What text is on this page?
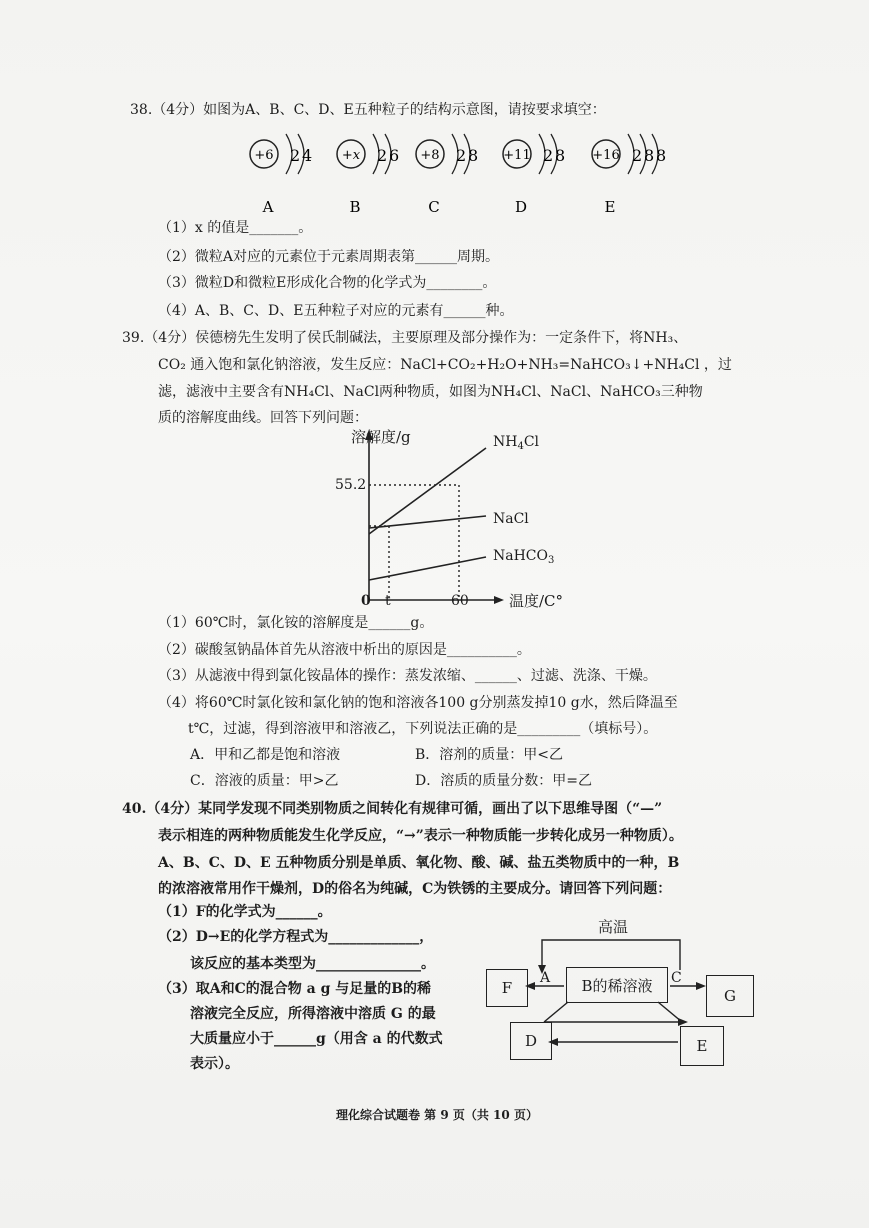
38.（4分）如图为A、B、C、D、E五种粒子的结构示意图，请按要求填空：
+6 2 4
A
+x 2 6
B
+8 2 8
C
+11 2 8
D
+16 2 8 8
E
（1）x 的值是_______。
（2）微粒A对应的元素位于元素周期表第______周期。
（3）微粒D和微粒E形成化合物的化学式为________。
（4）A、B、C、D、E五种粒子对应的元素有______种。
39.（4分）侯德榜先生发明了侯氏制碱法，主要原理及部分操作为：一定条件下，将NH₃、
CO₂ 通入饱和氯化钠溶液，发生反应：NaCl+CO₂+H₂O+NH₃=NaHCO₃↓+NH₄Cl ，过
滤，滤液中主要含有NH₄Cl、NaCl两种物质，如图为NH₄Cl、NaCl、NaHCO₃三种物
质的溶解度曲线。回答下列问题：
溶解度/g
55.2
$NH_4Cl$
NaCl
NaHCO$_3$
0 t	60	温度/C°
（1）60℃时，氯化铵的溶解度是______g。
（2）碳酸氢钠晶体首先从溶液中析出的原因是__________。
（3）从滤液中得到氯化铵晶体的操作：蒸发浓缩、______、过滤、洗涤、干燥。
（4）将60℃时氯化铵和氯化钠的饱和溶液各100 g分别蒸发掉10 g水，然后降温至
t℃，过滤，得到溶液甲和溶液乙，下列说法正确的是_________（填标号）。
A．甲和乙都是饱和溶液	B．溶剂的质量：甲<乙
C．溶液的质量：甲>乙	D．溶质的质量分数：甲=乙
40.（4分）某同学发现不同类别物质之间转化有规律可循，画出了以下思维导图（“—”
表示相连的两种物质能发生化学反应，“→”表示一种物质能一步转化成另一种物质）。
A、B、C、D、E 五种物质分别是单质、氧化物、酸、碱、盐五类物质中的一种，B
的浓溶液常用作干燥剂，D的俗名为纯碱，C为铁锈的主要成分。请回答下列问题：
（1）F的化学式为______。
（2）D→E的化学方程式为_____________，
该反应的基本类型为_______________。
（3）取A和C的混合物 a g 与足量的B的稀
溶液完全反应，所得溶液中溶质 G 的最
大质量应小于______g（用含 a 的代数式
表示）。
高温
F
A	B的稀溶液	C
G
D	E
理化综合试题卷 第 9 页（共 10 页）
